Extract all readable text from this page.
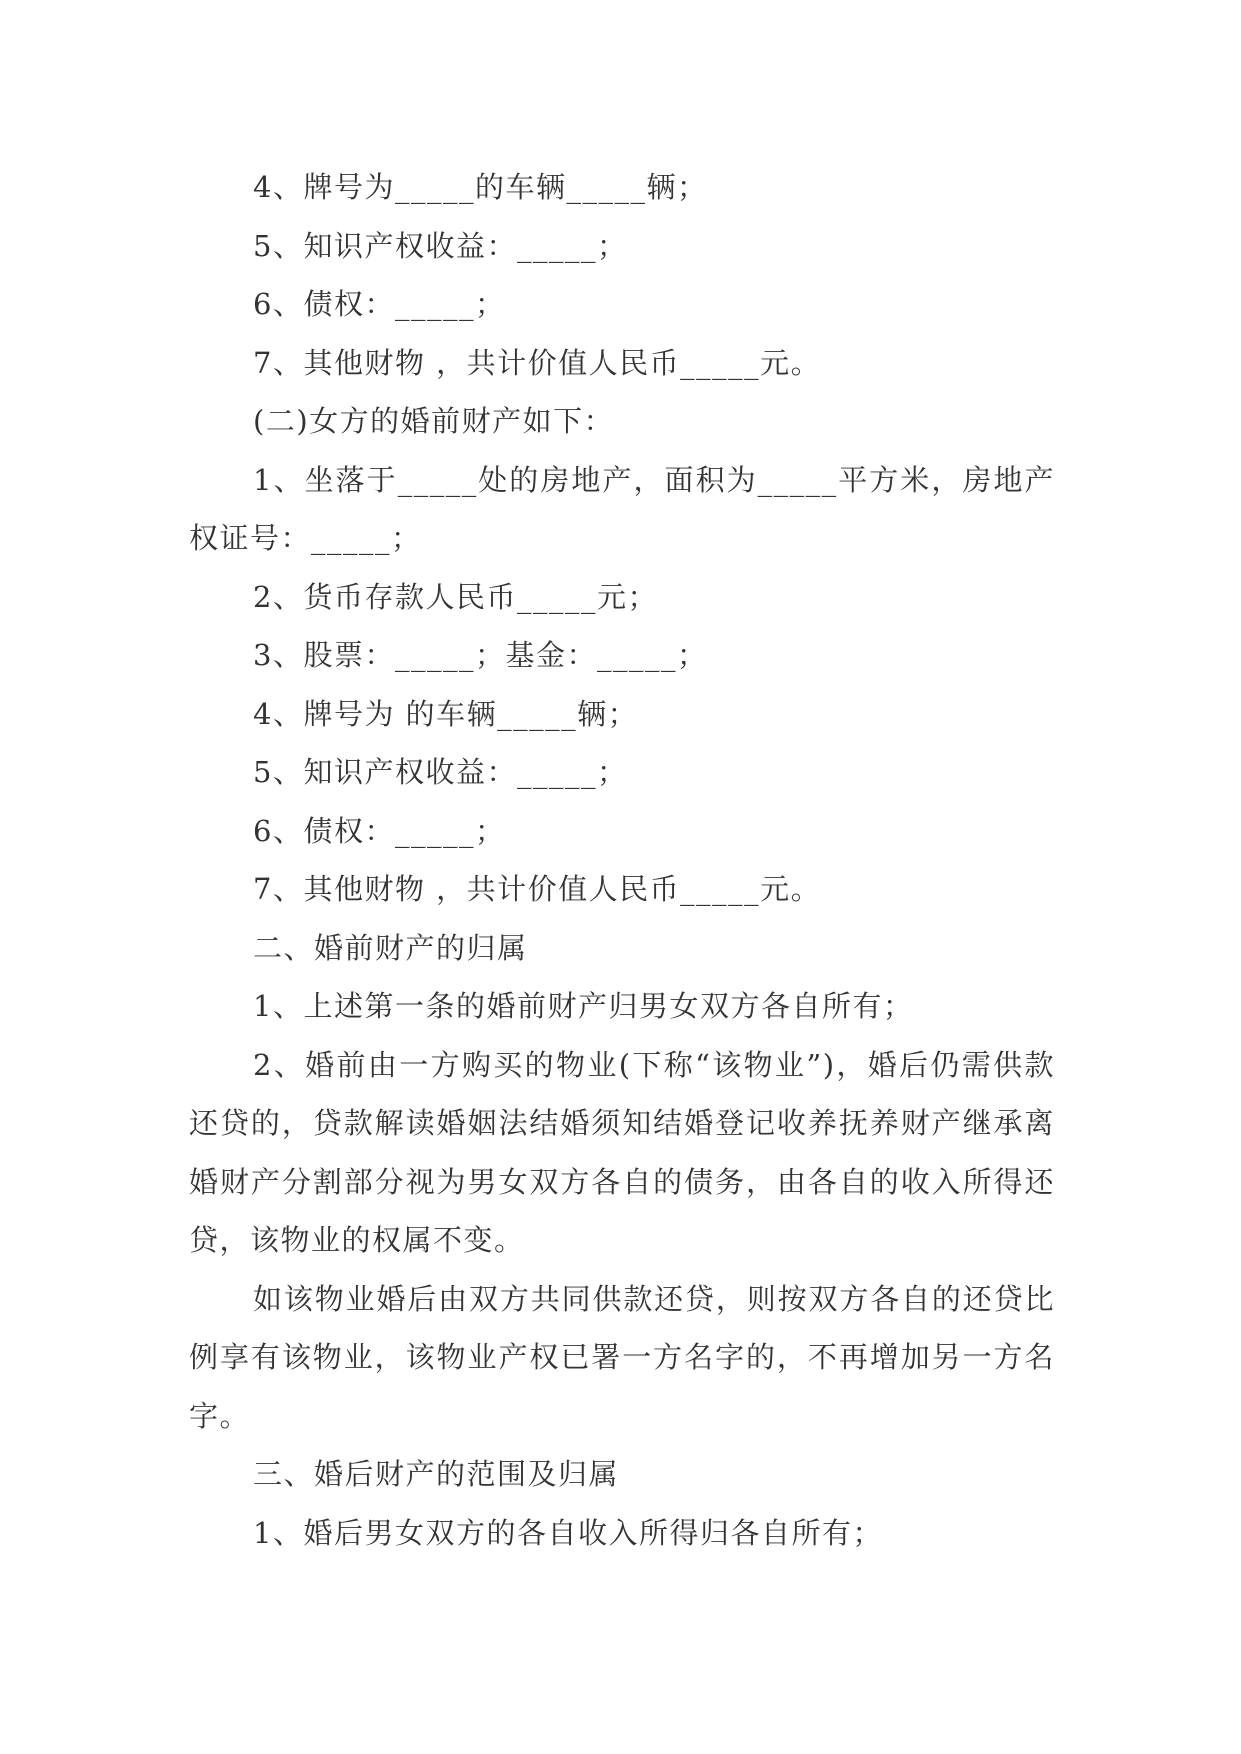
4、牌号为_____的车辆_____辆；

5、知识产权收益：_____；

6、债权：_____；

7、其他财物 ，共计价值人民币_____元。

(二)女方的婚前财产如下：

1、坐落于_____处的房地产，面积为_____平方米，房地产权证号：_____；

2、货币存款人民币_____元；

3、股票：_____；基金：_____；

4、牌号为 的车辆_____辆；

5、知识产权收益：_____；

6、债权：_____；

7、其他财物 ，共计价值人民币_____元。

二、婚前财产的归属

1、上述第一条的婚前财产归男女双方各自所有；

2、婚前由一方购买的物业(下称“该物业”)，婚后仍需供款还贷的，贷款解读婚姻法结婚须知结婚登记收养抚养财产继承离婚财产分割部分视为男女双方各自的债务，由各自的收入所得还贷，该物业的权属不变。

如该物业婚后由双方共同供款还贷，则按双方各自的还贷比例享有该物业，该物业产权已署一方名字的，不再增加另一方名字。

三、婚后财产的范围及归属

1、婚后男女双方的各自收入所得归各自所有；
